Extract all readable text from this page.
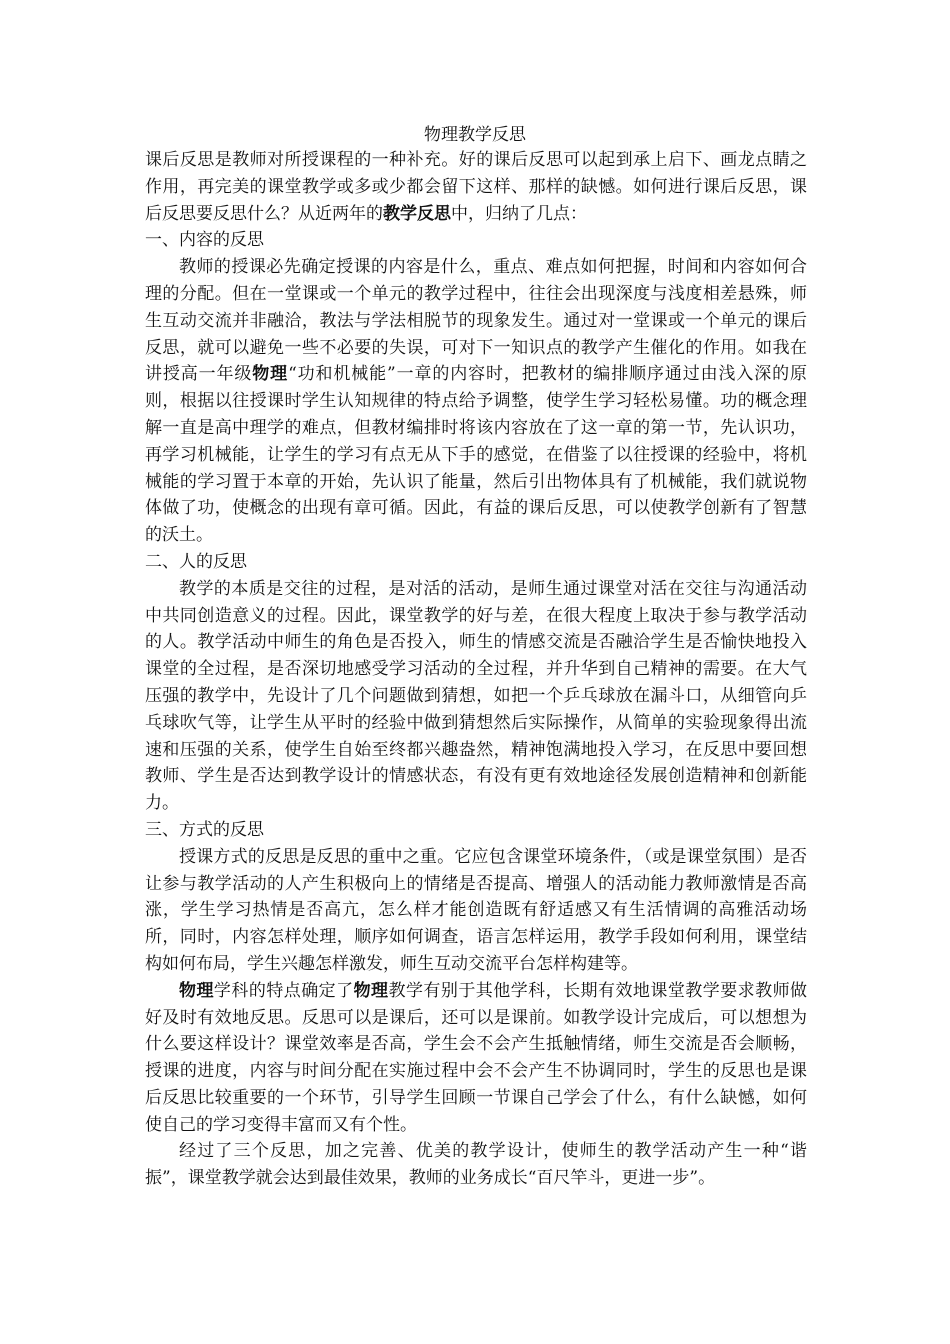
物理教学反思

课后反思是教师对所授课程的一种补充。好的课后反思可以起到承上启下、画龙点睛之作用，再完美的课堂教学或多或少都会留下这样、那样的缺憾。如何进行课后反思，课后反思要反思什么？从近两年的教学反思中，归纳了几点：

一、内容的反思

教师的授课必先确定授课的内容是什么，重点、难点如何把握，时间和内容如何合理的分配。但在一堂课或一个单元的教学过程中，往往会出现深度与浅度相差悬殊，师生互动交流并非融洽，教法与学法相脱节的现象发生。通过对一堂课或一个单元的课后反思，就可以避免一些不必要的失误，可对下一知识点的教学产生催化的作用。如我在讲授高一年级物理“功和机械能”一章的内容时，把教材的编排顺序通过由浅入深的原则，根据以往授课时学生认知规律的特点给予调整，使学生学习轻松易懂。功的概念理解一直是高中理学的难点，但教材编排时将该内容放在了这一章的第一节，先认识功，再学习机械能，让学生的学习有点无从下手的感觉，在借鉴了以往授课的经验中，将机械能的学习置于本章的开始，先认识了能量，然后引出物体具有了机械能，我们就说物体做了功，使概念的出现有章可循。因此，有益的课后反思，可以使教学创新有了智慧的沃土。

二、人的反思

教学的本质是交往的过程，是对活的活动，是师生通过课堂对活在交往与沟通活动中共同创造意义的过程。因此，课堂教学的好与差，在很大程度上取决于参与教学活动的人。教学活动中师生的角色是否投入，师生的情感交流是否融洽学生是否愉快地投入课堂的全过程，是否深切地感受学习活动的全过程，并升华到自己精神的需要。在大气压强的教学中，先设计了几个问题做到猜想，如把一个乒乓球放在漏斗口，从细管向乒乓球吹气等，让学生从平时的经验中做到猜想然后实际操作，从简单的实验现象得出流速和压强的关系，使学生自始至终都兴趣盎然，精神饱满地投入学习，在反思中要回想教师、学生是否达到教学设计的情感状态，有没有更有效地途径发展创造精神和创新能力。

三、方式的反思

授课方式的反思是反思的重中之重。它应包含课堂环境条件，（或是课堂氛围）是否让参与教学活动的人产生积极向上的情绪是否提高、增强人的活动能力教师激情是否高涨，学生学习热情是否高亢，怎么样才能创造既有舒适感又有生活情调的高雅活动场所，同时，内容怎样处理，顺序如何调查，语言怎样运用，教学手段如何利用，课堂结构如何布局，学生兴趣怎样激发，师生互动交流平台怎样构建等。

物理学科的特点确定了物理教学有别于其他学科，长期有效地课堂教学要求教师做好及时有效地反思。反思可以是课后，还可以是课前。如教学设计完成后，可以想想为什么要这样设计？课堂效率是否高，学生会不会产生抵触情绪，师生交流是否会顺畅，授课的进度，内容与时间分配在实施过程中会不会产生不协调同时，学生的反思也是课后反思比较重要的一个环节，引导学生回顾一节课自己学会了什么，有什么缺憾，如何使自己的学习变得丰富而又有个性。

经过了三个反思，加之完善、优美的教学设计，使师生的教学活动产生一种“谐振”，课堂教学就会达到最佳效果，教师的业务成长“百尺竿斗，更进一步”。
